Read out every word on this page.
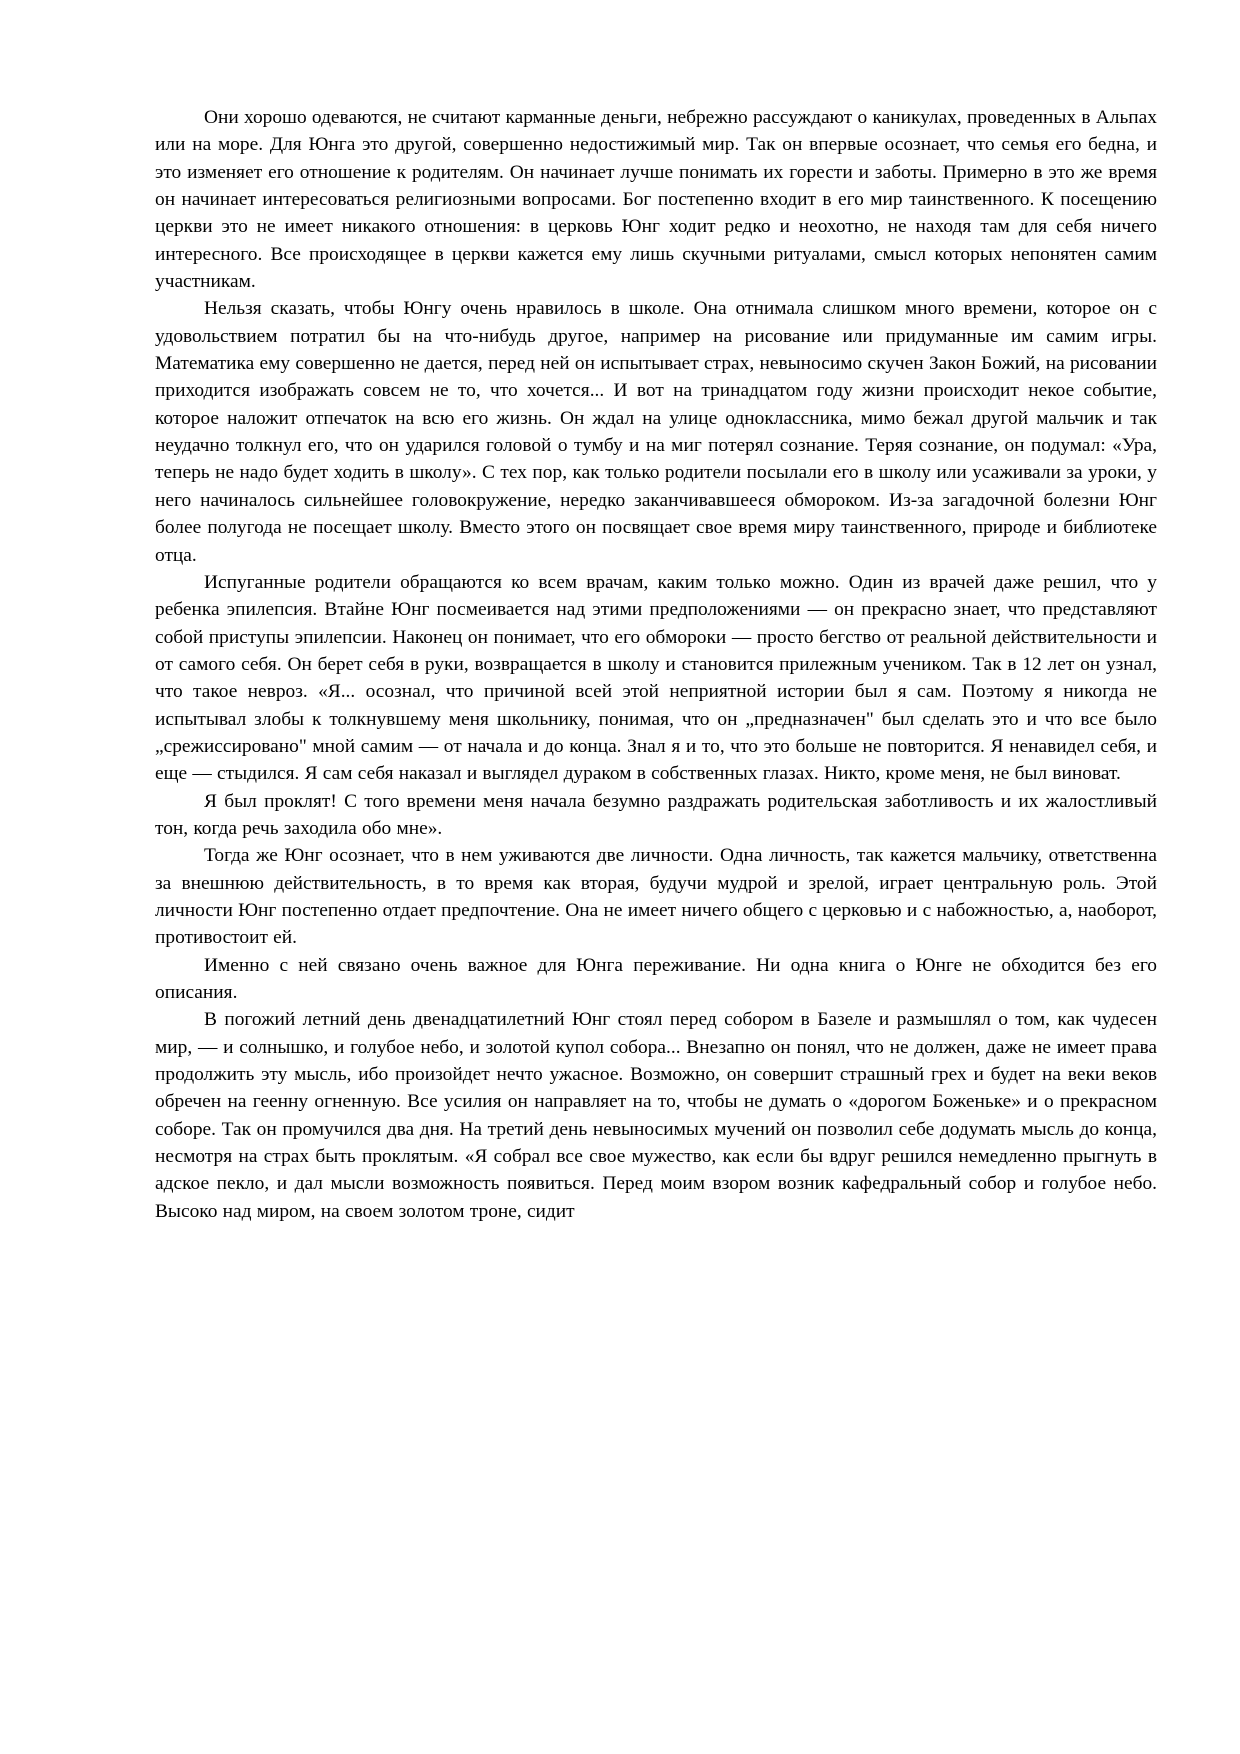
Они хорошо одеваются, не считают карманные деньги, небрежно рассуждают о каникулах, проведенных в Альпах или на море. Для Юнга это другой, совершенно недостижимый мир. Так он впервые осознает, что семья его бедна, и это изменяет его отношение к родителям. Он начинает лучше понимать их горести и заботы. Примерно в это же время он начинает интересоваться религиозными вопросами. Бог постепенно входит в его мир таинственного. К посещению церкви это не имеет никакого отношения: в церковь Юнг ходит редко и неохотно, не находя там для себя ничего интересного. Все происходящее в церкви кажется ему лишь скучными ритуалами, смысл которых непонятен самим участникам.

Нельзя сказать, чтобы Юнгу очень нравилось в школе. Она отнимала слишком много времени, которое он с удовольствием потратил бы на что-нибудь другое, например на рисование или придуманные им самим игры. Математика ему совершенно не дается, перед ней он испытывает страх, невыносимо скучен Закон Божий, на рисовании приходится изображать совсем не то, что хочется... И вот на тринадцатом году жизни происходит некое событие, которое наложит отпечаток на всю его жизнь. Он ждал на улице одноклассника, мимо бежал другой мальчик и так неудачно толкнул его, что он ударился головой о тумбу и на миг потерял сознание. Теряя сознание, он подумал: «Ура, теперь не надо будет ходить в школу». С тех пор, как только родители посылали его в школу или усаживали за уроки, у него начиналось сильнейшее головокружение, нередко заканчивавшееся обмороком. Из-за загадочной болезни Юнг более полугода не посещает школу. Вместо этого он посвящает свое время миру таинственного, природе и библиотеке отца.

Испуганные родители обращаются ко всем врачам, каким только можно. Один из врачей даже решил, что у ребенка эпилепсия. Втайне Юнг посмеивается над этими предположениями — он прекрасно знает, что представляют собой приступы эпилепсии. Наконец он понимает, что его обмороки — просто бегство от реальной действительности и от самого себя. Он берет себя в руки, возвращается в школу и становится прилежным учеником. Так в 12 лет он узнал, что такое невроз. «Я... осознал, что причиной всей этой неприятной истории был я сам. Поэтому я никогда не испытывал злобы к толкнувшему меня школьнику, понимая, что он „предназначен" был сделать это и что все было „срежиссировано" мной самим — от начала и до конца. Знал я и то, что это больше не повторится. Я ненавидел себя, и еще — стыдился. Я сам себя наказал и выглядел дураком в собственных глазах. Никто, кроме меня, не был виноват.

Я был проклят! С того времени меня начала безумно раздражать родительская заботливость и их жалостливый тон, когда речь заходила обо мне».

Тогда же Юнг осознает, что в нем уживаются две личности. Одна личность, так кажется мальчику, ответственна за внешнюю действительность, в то время как вторая, будучи мудрой и зрелой, играет центральную роль. Этой личности Юнг постепенно отдает предпочтение. Она не имеет ничего общего с церковью и с набожностью, а, наоборот, противостоит ей.

Именно с ней связано очень важное для Юнга переживание. Ни одна книга о Юнге не обходится без его описания.

В погожий летний день двенадцатилетний Юнг стоял перед собором в Базеле и размышлял о том, как чудесен мир, — и солнышко, и голубое небо, и золотой купол собора... Внезапно он понял, что не должен, даже не имеет права продолжить эту мысль, ибо произойдет нечто ужасное. Возможно, он совершит страшный грех и будет на веки веков обречен на геенну огненную. Все усилия он направляет на то, чтобы не думать о «дорогом Боженьке» и о прекрасном соборе. Так он промучился два дня. На третий день невыносимых мучений он позволил себе додумать мысль до конца, несмотря на страх быть проклятым. «Я собрал все свое мужество, как если бы вдруг решился немедленно прыгнуть в адское пекло, и дал мысли возможность появиться. Перед моим взором возник кафедральный собор и голубое небо. Высоко над миром, на своем золотом троне, сидит
